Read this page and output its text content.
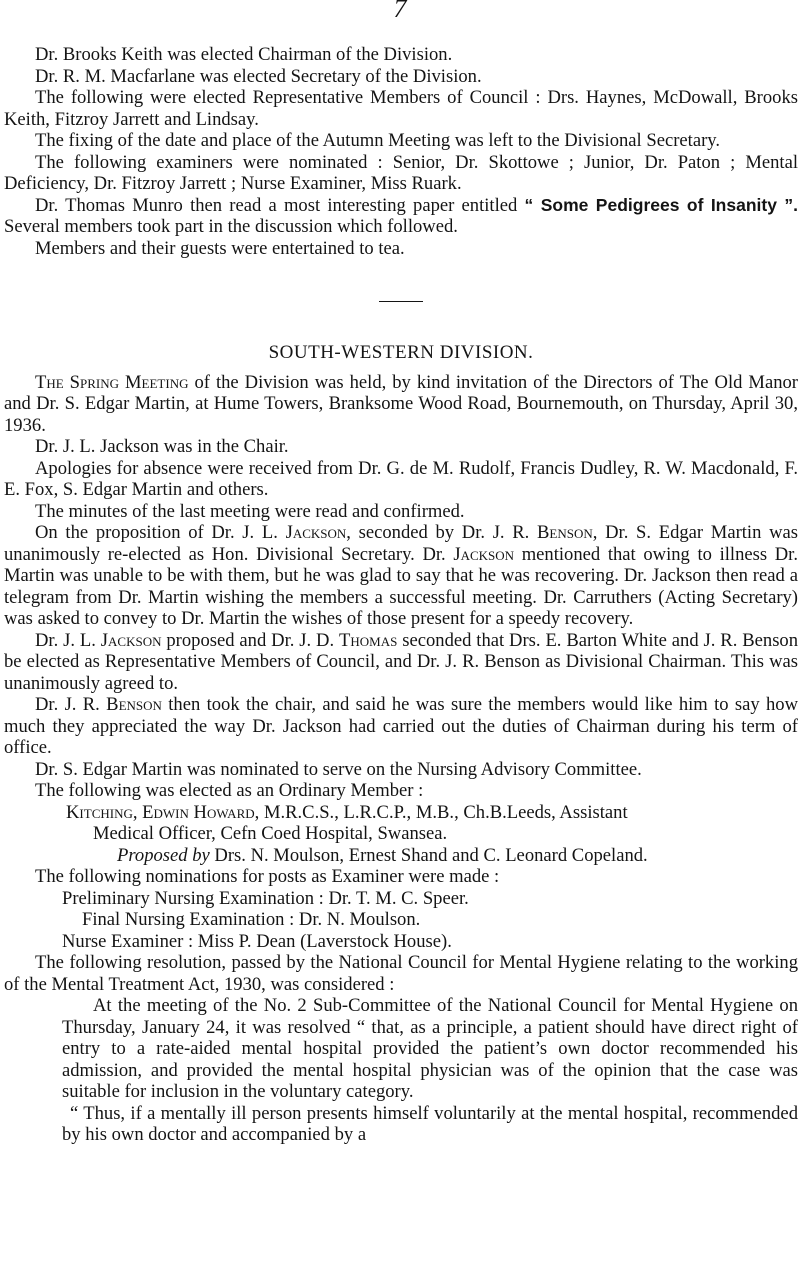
7

Dr. Brooks Keith was elected Chairman of the Division.

Dr. R. M. Macfarlane was elected Secretary of the Division.

The following were elected Representative Members of Council : Drs. Haynes, McDowall, Brooks Keith, Fitzroy Jarrett and Lindsay.

The fixing of the date and place of the Autumn Meeting was left to the Divisional Secretary.

The following examiners were nominated : Senior, Dr. Skottowe ; Junior, Dr. Paton ; Mental Deficiency, Dr. Fitzroy Jarrett ; Nurse Examiner, Miss Ruark.

Dr. Thomas Munro then read a most interesting paper entitled “ Some Pedigrees of Insanity ”. Several members took part in the discussion which followed.

Members and their guests were entertained to tea.

SOUTH-WESTERN DIVISION.

The Spring Meeting of the Division was held, by kind invitation of the Directors of The Old Manor and Dr. S. Edgar Martin, at Hume Towers, Branksome Wood Road, Bournemouth, on Thursday, April 30, 1936.

Dr. J. L. Jackson was in the Chair.

Apologies for absence were received from Dr. G. de M. Rudolf, Francis Dudley, R. W. Macdonald, F. E. Fox, S. Edgar Martin and others.

The minutes of the last meeting were read and confirmed.

On the proposition of Dr. J. L. Jackson, seconded by Dr. J. R. Benson, Dr. S. Edgar Martin was unanimously re-elected as Hon. Divisional Secretary. Dr. Jackson mentioned that owing to illness Dr. Martin was unable to be with them, but he was glad to say that he was recovering. Dr. Jackson then read a telegram from Dr. Martin wishing the members a successful meeting. Dr. Carruthers (Acting Secretary) was asked to convey to Dr. Martin the wishes of those present for a speedy recovery.

Dr. J. L. Jackson proposed and Dr. J. D. Thomas seconded that Drs. E. Barton White and J. R. Benson be elected as Representative Members of Council, and Dr. J. R. Benson as Divisional Chairman. This was unanimously agreed to.

Dr. J. R. Benson then took the chair, and said he was sure the members would like him to say how much they appreciated the way Dr. Jackson had carried out the duties of Chairman during his term of office.

Dr. S. Edgar Martin was nominated to serve on the Nursing Advisory Committee.

The following was elected as an Ordinary Member :

Kitching, Edwin Howard, M.R.C.S., L.R.C.P., M.B., Ch.B.Leeds, Assistant
Medical Officer, Cefn Coed Hospital, Swansea.

Proposed by Drs. N. Moulson, Ernest Shand and C. Leonard Copeland.

The following nominations for posts as Examiner were made :

Preliminary Nursing Examination : Dr. T. M. C. Speer.
Final Nursing Examination : Dr. N. Moulson.
Nurse Examiner : Miss P. Dean (Laverstock House).

The following resolution, passed by the National Council for Mental Hygiene relating to the working of the Mental Treatment Act, 1930, was considered :

At the meeting of the No. 2 Sub-Committee of the National Council for Mental Hygiene on Thursday, January 24, it was resolved “ that, as a principle, a patient should have direct right of entry to a rate-aided mental hospital provided the patient’s own doctor recommended his admission, and provided the mental hospital physician was of the opinion that the case was suitable for inclusion in the voluntary category.

“ Thus, if a mentally ill person presents himself voluntarily at the mental hospital, recommended by his own doctor and accompanied by a
